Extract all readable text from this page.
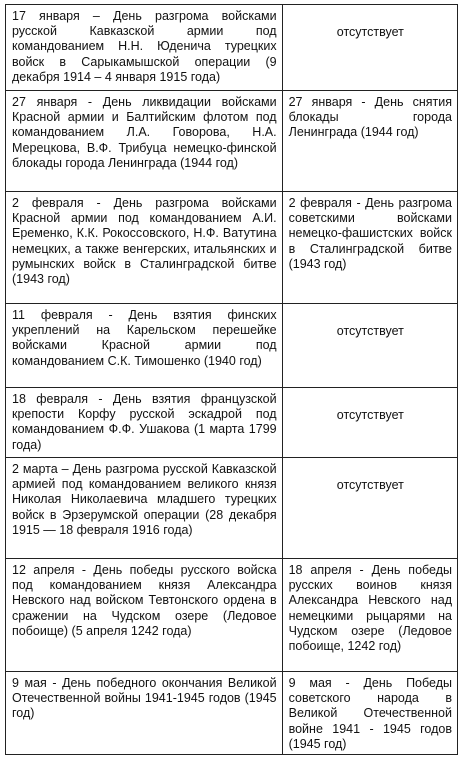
17 января – День разгрома войсками русской Кавказской армии под командованием Н.Н. Юденича турецких войск в Сарыкамышской операции (9 декабря 1914 – 4 января 1915 года)	отсутствует
27 января - День ликвидации войсками Красной армии и Балтийским флотом под командованием Л.А. Говорова, Н.А. Мерецкова, В.Ф. Трибуца немецко-финской блокады города Ленинграда (1944 год)	27 января - День снятия блокады города Ленинграда (1944 год)
2 февраля - День разгрома войсками Красной армии под командованием А.И. Еременко, К.К. Рокоссовского, Н.Ф. Ватутина немецких, а также венгерских, итальянских и румынских войск в Сталинградской битве (1943 год)	2 февраля - День разгрома советскими войсками немецко-фашистских войск в Сталинградской битве (1943 год)
11 февраля - День взятия финских укреплений на Карельском перешейке войсками Красной армии под командованием С.К. Тимошенко (1940 год)	отсутствует
18 февраля - День взятия французской крепости Корфу русской эскадрой под командованием Ф.Ф. Ушакова (1 марта 1799 года)	отсутствует
2 марта – День разгрома русской Кавказской армией под командованием великого князя Николая Николаевича младшего турецких войск в Эрзерумской операции (28 декабря 1915 — 18 февраля 1916 года)	отсутствует
12 апреля - День победы русского войска под командованием князя Александра Невского над войском Тевтонского ордена в сражении на Чудском озере (Ледовое побоище) (5 апреля 1242 года)	18 апреля - День победы русских воинов князя Александра Невского над немецкими рыцарями на Чудском озере (Ледовое побоище, 1242 год)
9 мая - День победного окончания Великой Отечественной войны 1941-1945 годов (1945 год)	9 мая - День Победы советского народа в Великой Отечественной войне 1941 - 1945 годов (1945 год)
